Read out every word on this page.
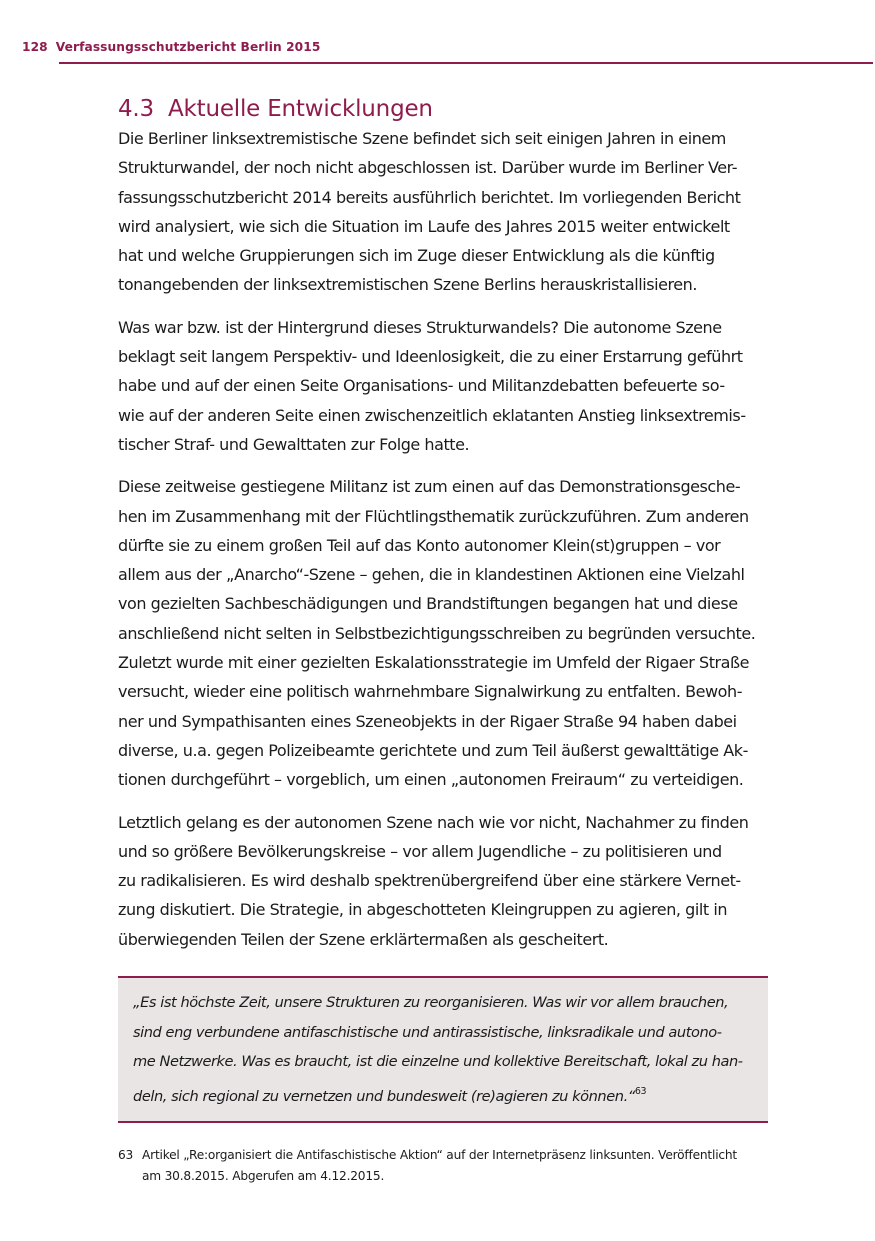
128 Verfassungsschutzbericht Berlin 2015
4.3 Aktuelle Entwicklungen

Die Berliner linksextremistische Szene befindet sich seit einigen Jahren in einem
Strukturwandel, der noch nicht abgeschlossen ist. Darüber wurde im Berliner Ver-
fassungsschutzbericht 2014 bereits ausführlich berichtet. Im vorliegenden Bericht
wird analysiert, wie sich die Situation im Laufe des Jahres 2015 weiter entwickelt
hat und welche Gruppierungen sich im Zuge dieser Entwicklung als die künftig
tonangebenden der linksextremistischen Szene Berlins herauskristallisieren.

Was war bzw. ist der Hintergrund dieses Strukturwandels? Die autonome Szene
beklagt seit langem Perspektiv- und Ideenlosigkeit, die zu einer Erstarrung geführt
habe und auf der einen Seite Organisations- und Militanzdebatten befeuerte so-
wie auf der anderen Seite einen zwischenzeitlich eklatanten Anstieg linksextremis-
tischer Straf- und Gewalttaten zur Folge hatte.

Diese zeitweise gestiegene Militanz ist zum einen auf das Demonstrationsgesche-
hen im Zusammenhang mit der Flüchtlingsthematik zurückzuführen. Zum anderen
dürfte sie zu einem großen Teil auf das Konto autonomer Klein(st)gruppen – vor
allem aus der „Anarcho“-Szene – gehen, die in klandestinen Aktionen eine Vielzahl
von gezielten Sachbeschädigungen und Brandstiftungen begangen hat und diese
anschließend nicht selten in Selbstbezichtigungsschreiben zu begründen versuchte.
Zuletzt wurde mit einer gezielten Eskalationsstrategie im Umfeld der Rigaer Straße
versucht, wieder eine politisch wahrnehmbare Signalwirkung zu entfalten. Bewoh-
ner und Sympathisanten eines Szeneobjekts in der Rigaer Straße 94 haben dabei
diverse, u.a. gegen Polizeibeamte gerichtete und zum Teil äußerst gewalttätige Ak-
tionen durchgeführt – vorgeblich, um einen „autonomen Freiraum“ zu verteidigen.

Letztlich gelang es der autonomen Szene nach wie vor nicht, Nachahmer zu finden
und so größere Bevölkerungskreise – vor allem Jugendliche – zu politisieren und
zu radikalisieren. Es wird deshalb spektrenübergreifend über eine stärkere Vernet-
zung diskutiert. Die Strategie, in abgeschotteten Kleingruppen zu agieren, gilt in
überwiegenden Teilen der Szene erklärtermaßen als gescheitert.

„Es ist höchste Zeit, unsere Strukturen zu reorganisieren. Was wir vor allem brauchen,
sind eng verbundene antifaschistische und antirassistische, linksradikale und autono-
me Netzwerke. Was es braucht, ist die einzelne und kollektive Bereitschaft, lokal zu han-
deln, sich regional zu vernetzen und bundesweit (re)agieren zu können.“$^{63}$

63 Artikel „Re:organisiert die Antifaschistische Aktion“ auf der Internetpräsenz linksunten. Veröffentlicht
am 30.8.2015. Abgerufen am 4.12.2015.
